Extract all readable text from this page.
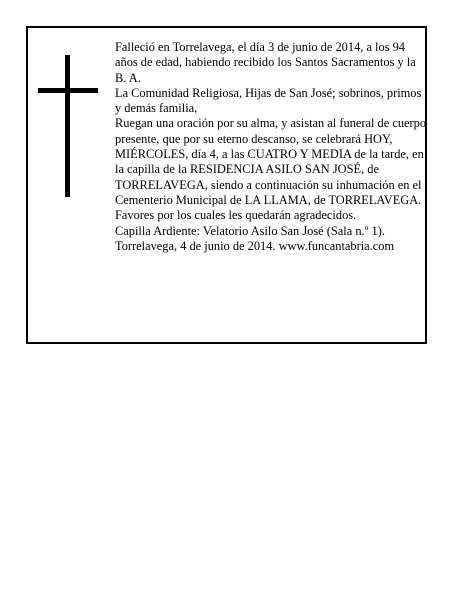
Falleció en Torrelavega, el día 3 de junio de 2014, a los 94 años de edad, habiendo recibido los Santos Sacramentos y la B. A.

La Comunidad Religiosa, Hijas de San José; sobrinos, primos y demás familia,

Ruegan una oración por su alma, y asistan al funeral de cuerpo presente, que por su eterno descanso, se celebrará HOY, MIÉRCOLES, día 4, a las CUATRO Y MEDIA de la tarde, en la capilla de la RESIDENCIA ASILO SAN JOSÉ, de TORRELAVEGA, siendo a continuación su inhumación en el Cementerio Municipal de LA LLAMA, de TORRELAVEGA.

Favores por los cuales les quedarán agradecidos.

Capilla Ardiente: Velatorio Asilo San José (Sala n.º 1).

Torrelavega, 4 de junio de 2014. www.funcantabria.com
